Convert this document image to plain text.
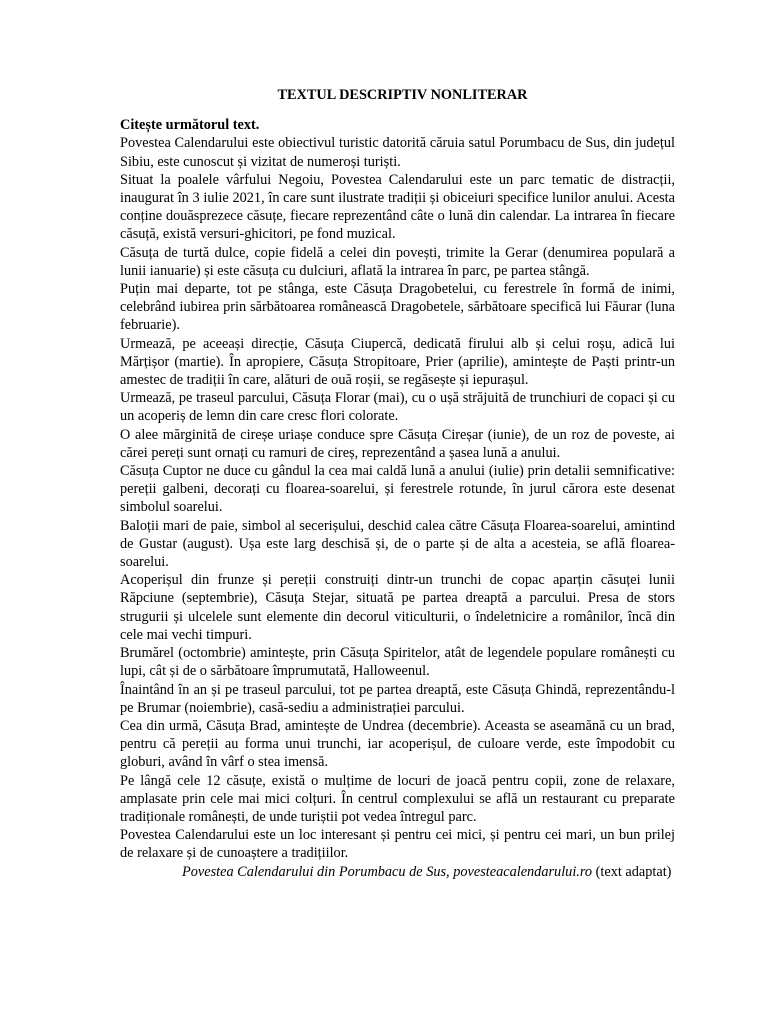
TEXTUL DESCRIPTIV NONLITERAR

Citește următorul text.

Povestea Calendarului este obiectivul turistic datorită căruia satul Porumbacu de Sus, din județul Sibiu, este cunoscut și vizitat de numeroși turiști.

Situat la poalele vârfului Negoiu, Povestea Calendarului este un parc tematic de distracții, inaugurat în 3 iulie 2021, în care sunt ilustrate tradiții și obiceiuri specifice lunilor anului. Acesta conține douăsprezece căsuțe, fiecare reprezentând câte o lună din calendar. La intrarea în fiecare căsuță, există versuri-ghicitori, pe fond muzical.

Căsuța de turtă dulce, copie fidelă a celei din povești, trimite la Gerar (denumirea populară a lunii ianuarie) și este căsuța cu dulciuri, aflată la intrarea în parc, pe partea stângă.

Puțin mai departe, tot pe stânga, este Căsuța Dragobetelui, cu ferestrele în formă de inimi, celebrând iubirea prin sărbătoarea românească Dragobetele, sărbătoare specifică lui Făurar (luna februarie).

Urmează, pe aceeași direcție, Căsuța Ciupercă, dedicată firului alb și celui roșu, adică lui Mărțișor (martie). În apropiere, Căsuța Stropitoare, Prier (aprilie), amintește de Paști printr-un amestec de tradiții în care, alături de ouă roșii, se regăsește și iepurașul.

Urmează, pe traseul parcului, Căsuța Florar (mai), cu o ușă străjuită de trunchiuri de copaci și cu un acoperiș de lemn din care cresc flori colorate.

O alee mărginită de cireșe uriașe conduce spre Căsuța Cireșar (iunie), de un roz de poveste, ai cărei pereți sunt ornați cu ramuri de cireș, reprezentând a șasea lună a anului.

Căsuța Cuptor ne duce cu gândul la cea mai caldă lună a anului (iulie) prin detalii semnificative: pereții galbeni, decorați cu floarea-soarelui, și ferestrele rotunde, în jurul cărora este desenat simbolul soarelui.

Baloții mari de paie, simbol al secerișului, deschid calea către Căsuța Floarea-soarelui, amintind de Gustar (august). Ușa este larg deschisă și, de o parte și de alta a acesteia, se află floarea-soarelui.

Acoperișul din frunze și pereții construiți dintr-un trunchi de copac aparțin căsuței lunii Răpciune (septembrie), Căsuța Stejar, situată pe partea dreaptă a parcului. Presa de stors strugurii și ulcelele sunt elemente din decorul viticulturii, o îndeletnicire a românilor, încă din cele mai vechi timpuri.

Brumărel (octombrie) amintește, prin Căsuța Spiritelor, atât de legendele populare românești cu lupi, cât și de o sărbătoare împrumutată, Halloweenul.

Înaintând în an și pe traseul parcului, tot pe partea dreaptă, este Căsuța Ghindă, reprezentându-l pe Brumar (noiembrie), casă-sediu a administrației parcului.

Cea din urmă, Căsuța Brad, amintește de Undrea (decembrie). Aceasta se aseamănă cu un brad, pentru că pereții au forma unui trunchi, iar acoperișul, de culoare verde, este împodobit cu globuri, având în vârf o stea imensă.

Pe lângă cele 12 căsuțe, există o mulțime de locuri de joacă pentru copii, zone de relaxare, amplasate prin cele mai mici colțuri. În centrul complexului se află un restaurant cu preparate tradiționale românești, de unde turiștii pot vedea întregul parc.

Povestea Calendarului este un loc interesant și pentru cei mici, și pentru cei mari, un bun prilej de relaxare și de cunoaștere a tradițiilor.

Povestea Calendarului din Porumbacu de Sus, povesteacalendarului.ro (text adaptat)
